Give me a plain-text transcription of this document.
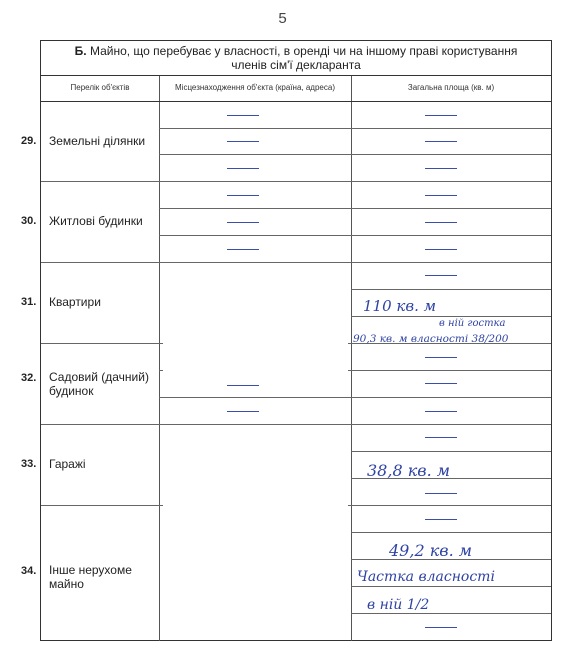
5
Б. Майно, що перебуває у власності, в оренді чи на іншому праві користування
членів сім'ї декларанта
Перелік об'єктів	Місцезнаходження об'єкта (країна, адреса)	Загальна площа (кв. м)
29. Земельні ділянки
30. Житлові будинки
31. Квартири
32. Садовий (дачний) будинок
33. Гаражі
34. Інше нерухоме майно
110 кв. м
в ній гостка
90,3 кв. м власності 38/200
38,8 кв. м
49,2 кв. м
Частка власності
в ній 1/2
